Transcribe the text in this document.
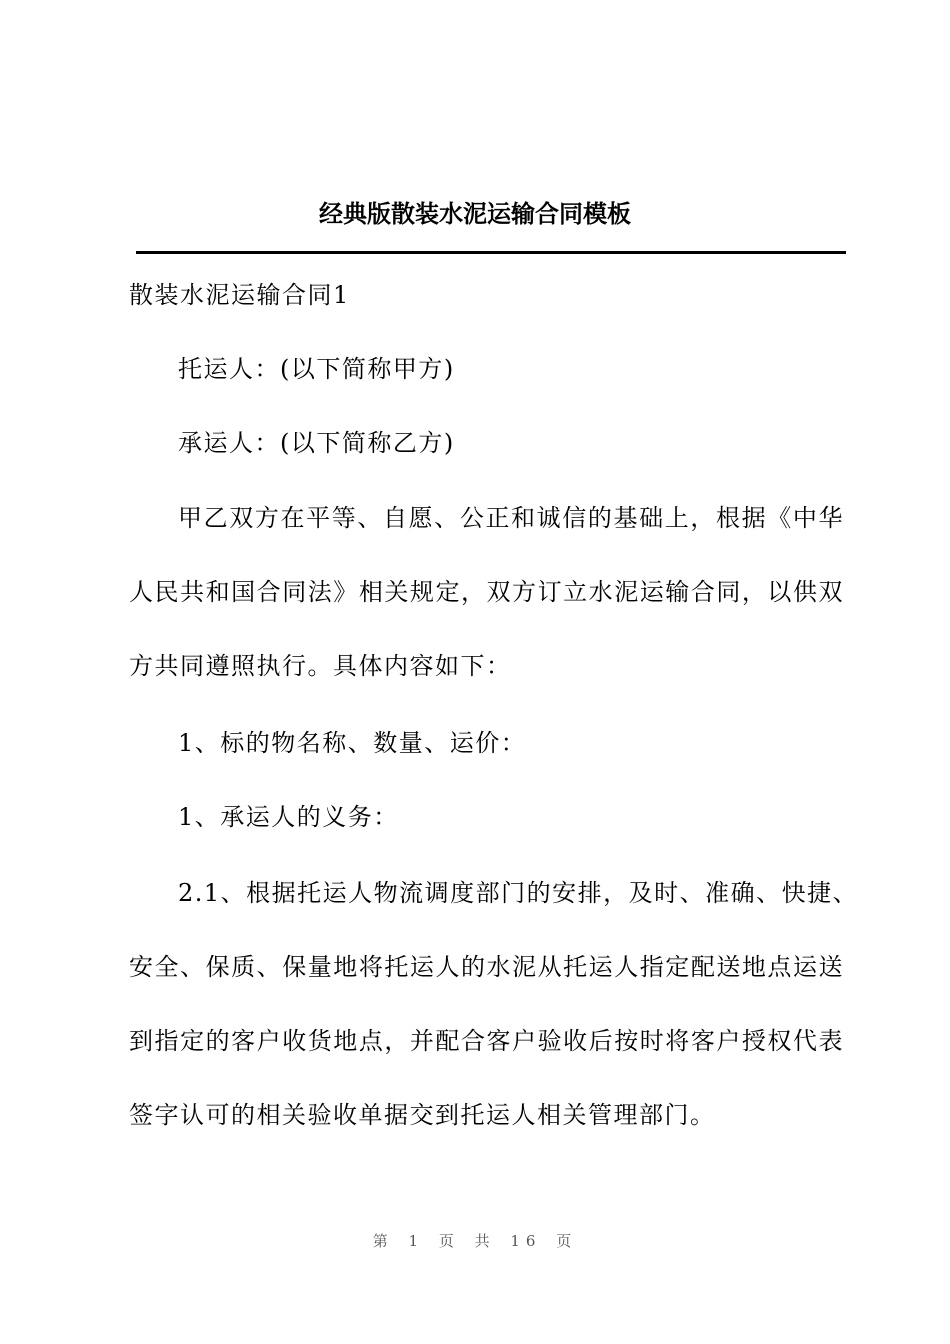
经典版散装水泥运输合同模板
散装水泥运输合同1
托运人：(以下简称甲方)
承运人：(以下简称乙方)
甲乙双方在平等、自愿、公正和诚信的基础上，根据《中华
人民共和国合同法》相关规定，双方订立水泥运输合同，以供双
方共同遵照执行。具体内容如下：
1、标的物名称、数量、运价：
1、承运人的义务：
2.1、根据托运人物流调度部门的安排，及时、准确、快捷、
安全、保质、保量地将托运人的水泥从托运人指定配送地点运送
到指定的客户收货地点，并配合客户验收后按时将客户授权代表
签字认可的相关验收单据交到托运人相关管理部门。
第 1 页 共 16 页
